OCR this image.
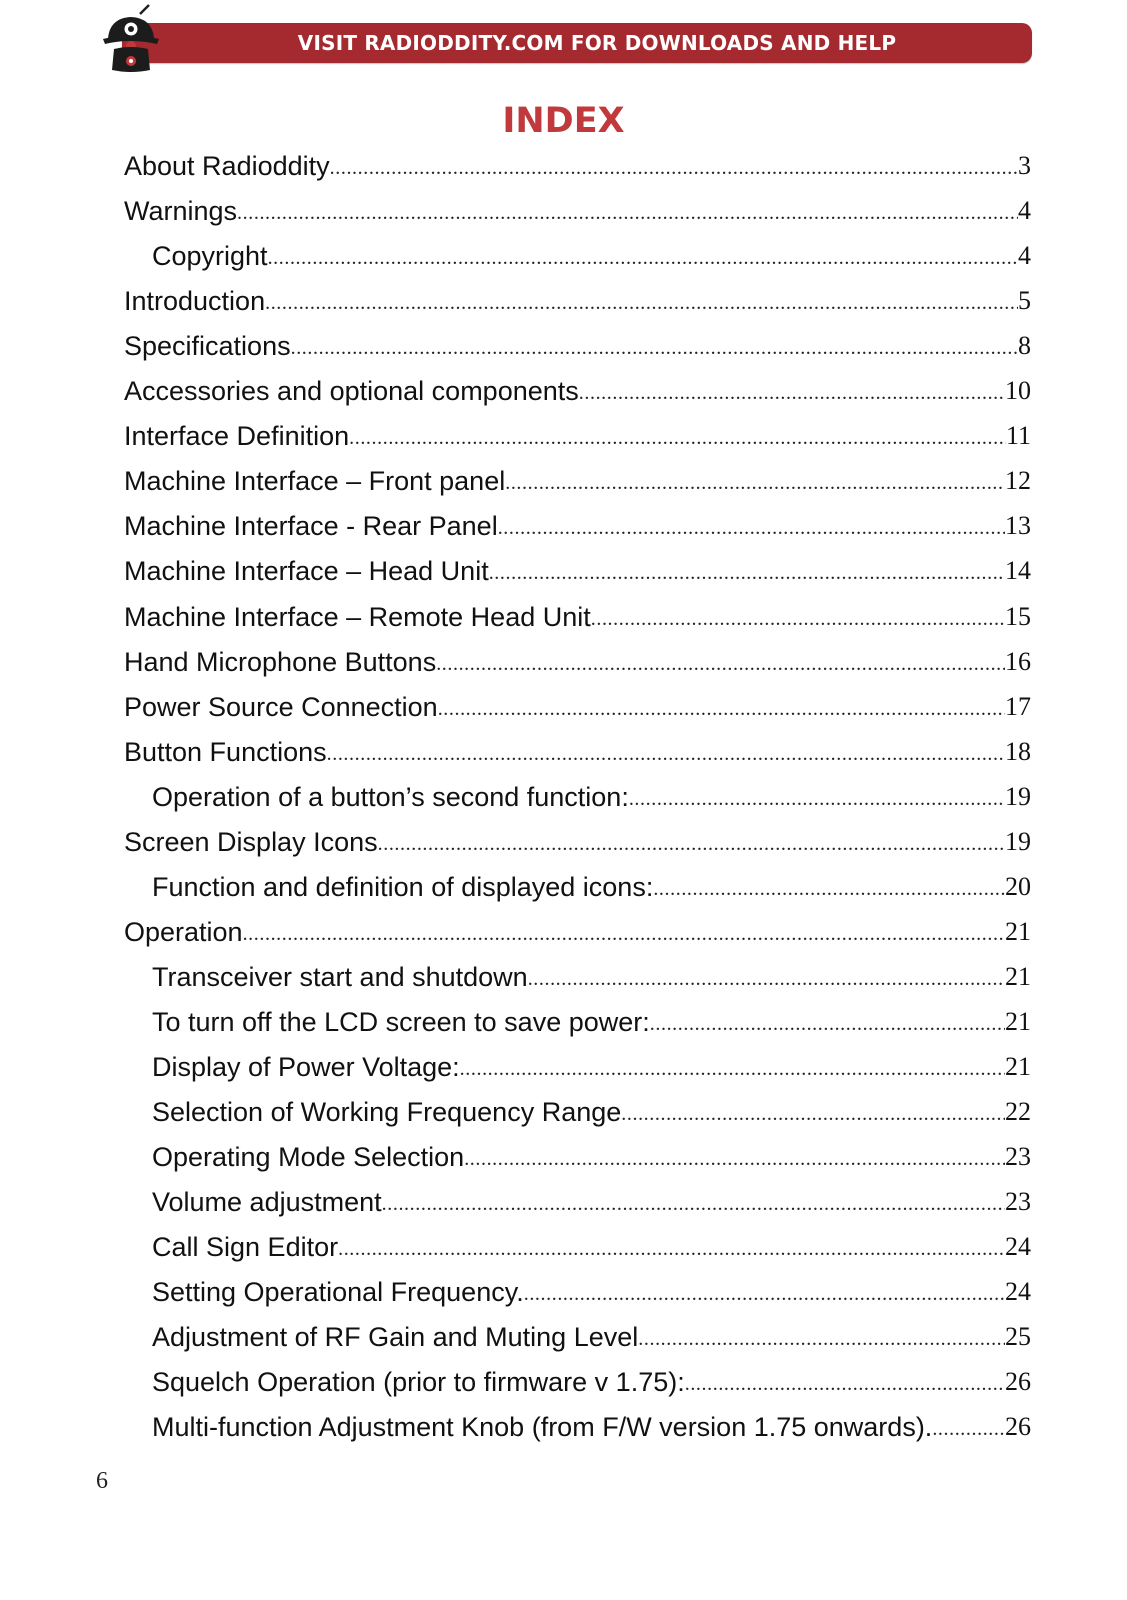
VISIT RADIODDITY.COM FOR DOWNLOADS AND HELP
INDEX
About Radioddity .....	3
Warnings .....	4
Copyright .....	4
Introduction .....	5
Specifications .....	8
Accessories and optional components .....	10
Interface Definition .....	11
Machine Interface – Front panel .....	12
Machine Interface - Rear Panel .....	13
Machine Interface – Head Unit .....	14
Machine Interface – Remote Head Unit .....	15
Hand Microphone Buttons .....	16
Power Source Connection .....	17
Button Functions .....	18
Operation of a button’s second function: .....	19
Screen Display Icons .....	19
Function and definition of displayed icons: .....	20
Operation .....	21
Transceiver start and shutdown .....	21
To turn off the LCD screen to save power: .....	21
Display of Power Voltage: .....	21
Selection of Working Frequency Range .....	22
Operating Mode Selection .....	23
Volume adjustment .....	23
Call Sign Editor .....	24
Setting Operational Frequency. .....	24
Adjustment of RF Gain and Muting Level .....	25
Squelch Operation (prior to firmware v 1.75): .....	26
Multi-function Adjustment Knob (from F/W version 1.75 onwards). .....	26
6
